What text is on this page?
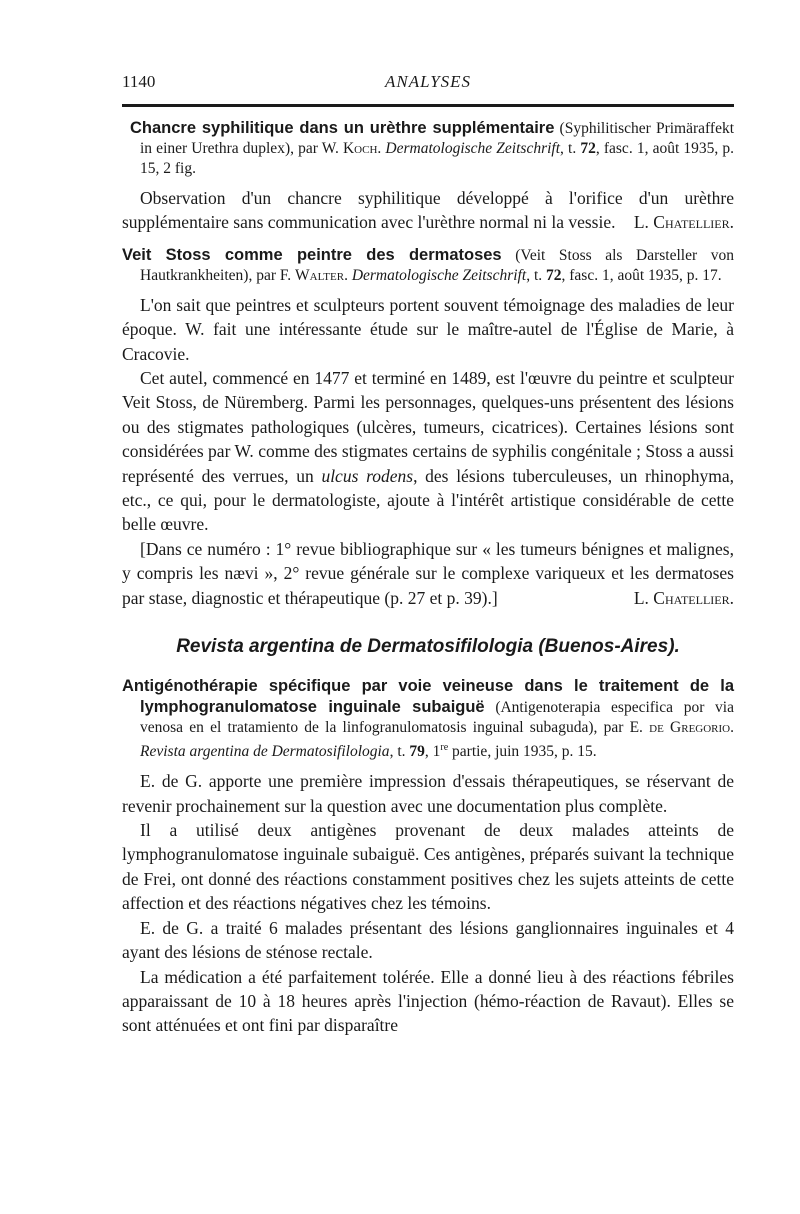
1140	ANALYSES

Chancre syphilitique dans un urèthre supplémentaire (Syphilitischer Primäraffekt in einer Urethra duplex), par W. Koch. Dermatologische Zeitschrift, t. 72, fasc. 1, août 1935, p. 15, 2 fig.

Observation d'un chancre syphilitique développé à l'orifice d'un urèthre supplémentaire sans communication avec l'urèthre normal ni la vessie.	L. Chatellier.

Veit Stoss comme peintre des dermatoses (Veit Stoss als Darsteller von Hautkrankheiten), par F. Walter. Dermatologische Zeitschrift, t. 72, fasc. 1, août 1935, p. 17.

L'on sait que peintres et sculpteurs portent souvent témoignage des maladies de leur époque. W. fait une intéressante étude sur le maître-autel de l'Église de Marie, à Cracovie.

Cet autel, commencé en 1477 et terminé en 1489, est l'œuvre du peintre et sculpteur Veit Stoss, de Nüremberg. Parmi les personnages, quelques-uns présentent des lésions ou des stigmates pathologiques (ulcères, tumeurs, cicatrices). Certaines lésions sont considérées par W. comme des stigmates certains de syphilis congénitale ; Stoss a aussi représenté des verrues, un ulcus rodens, des lésions tuberculeuses, un rhinophyma, etc., ce qui, pour le dermatologiste, ajoute à l'intérêt artistique considérable de cette belle œuvre.

[Dans ce numéro : 1° revue bibliographique sur « les tumeurs bénignes et malignes, y compris les nævi », 2° revue générale sur le complexe variqueux et les dermatoses par stase, diagnostic et thérapeutique (p. 27 et p. 39).]	L. Chatellier.

Revista argentina de Dermatosifilologia (Buenos-Aires).

Antigénothérapie spécifique par voie veineuse dans le traitement de la lymphogranulomatose inguinale subaiguë (Antigenoterapia especifica por via venosa en el tratamiento de la linfogranulomatosis inguinal subaguda), par E. de Gregorio. Revista argentina de Dermatosifilologia, t. 79, 1re partie, juin 1935, p. 15.

E. de G. apporte une première impression d'essais thérapeutiques, se réservant de revenir prochainement sur la question avec une documentation plus complète.

Il a utilisé deux antigènes provenant de deux malades atteints de lymphogranulomatose inguinale subaiguë. Ces antigènes, préparés suivant la technique de Frei, ont donné des réactions constamment positives chez les sujets atteints de cette affection et des réactions négatives chez les témoins.

E. de G. a traité 6 malades présentant des lésions ganglionnaires inguinales et 4 ayant des lésions de sténose rectale.

La médication a été parfaitement tolérée. Elle a donné lieu à des réactions fébriles apparaissant de 10 à 18 heures après l'injection (hémo-réaction de Ravaut). Elles se sont atténuées et ont fini par disparaître
